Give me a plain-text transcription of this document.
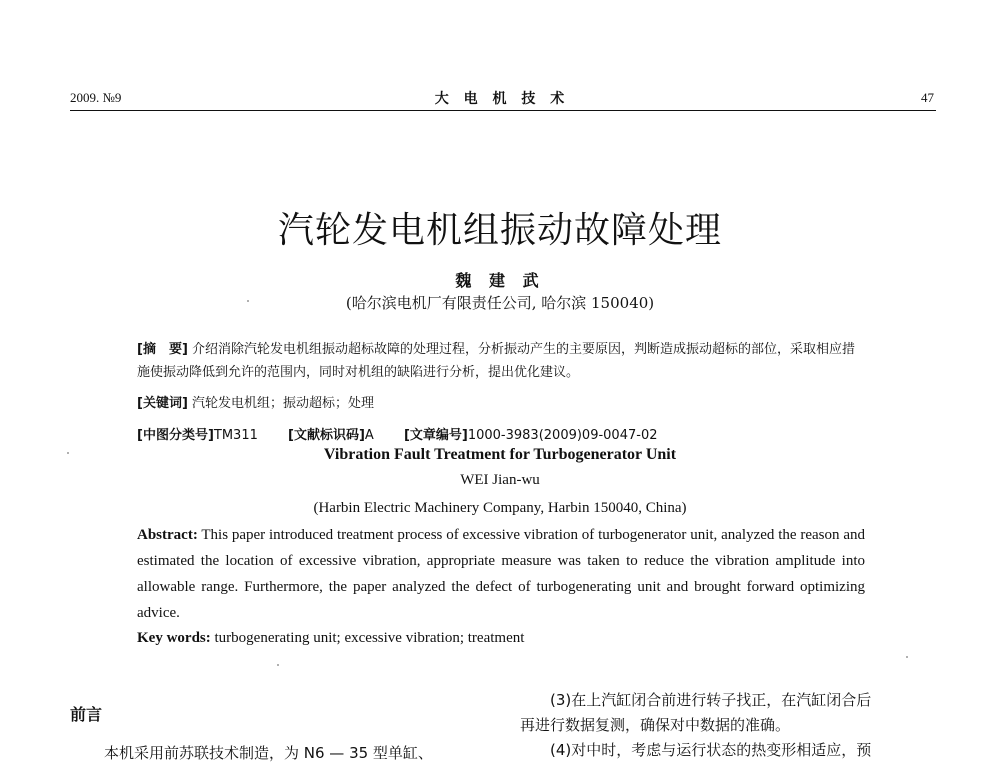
2009. №9	大 电 机 技 术	47
汽轮发电机组振动故障处理
魏 建 武
(哈尔滨电机厂有限责任公司, 哈尔滨 150040)
[摘　要] 介绍消除汽轮发电机组振动超标故障的处理过程，分析振动产生的主要原因，判断造成振动超标的部位，采取相应措施使振动降低到允许的范围内，同时对机组的缺陷进行分析，提出优化建议。
[关键词] 汽轮发电机组；振动超标；处理
[中图分类号]TM311 [文献标识码]A [文章编号]1000-3983(2009)09-0047-02
Vibration Fault Treatment for Turbogenerator Unit
WEI Jian-wu
(Harbin Electric Machinery Company, Harbin 150040, China)
Abstract: This paper introduced treatment process of excessive vibration of turbogenerator unit, analyzed the reason and estimated the location of excessive vibration, appropriate measure was taken to reduce the vibration amplitude into allowable range. Furthermore, the paper analyzed the defect of turbogenerating unit and brought forward optimizing advice.
Key words: turbogenerating unit; excessive vibration; treatment
前言
本机采用前苏联技术制造，为 N6 — 35 型单缸、

(3)在上汽缸闭合前进行转子找正，在汽缸闭合后

再进行数据复测，确保对中数据的准确。

(4)对中时，考虑与运行状态的热变形相适应，预
